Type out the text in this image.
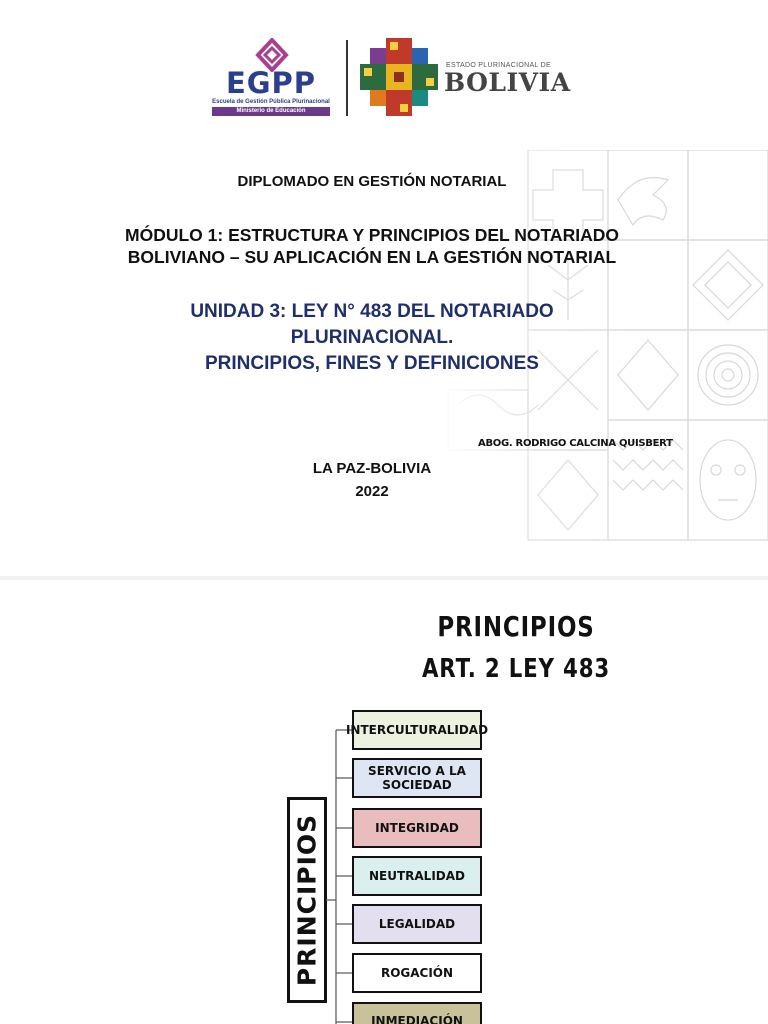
EGPP
Escuela de Gestión Pública Plurinacional
Ministerio de Educación
ESTADO PLURINACIONAL DE
BOLIVIA
DIPLOMADO EN GESTIÓN NOTARIAL
MÓDULO 1: ESTRUCTURA Y PRINCIPIOS DEL NOTARIADO
BOLIVIANO – SU APLICACIÓN EN LA GESTIÓN NOTARIAL
UNIDAD 3: LEY N° 483 DEL NOTARIADO
PLURINACIONAL.
PRINCIPIOS, FINES Y DEFINICIONES
ABOG. RODRIGO CALCINA QUISBERT
LA PAZ-BOLIVIA
2022
PRINCIPIOS
ART. 2 LEY 483
PRINCIPIOS
INTERCULTURALIDAD
SERVICIO A LA SOCIEDAD
INTEGRIDAD
NEUTRALIDAD
LEGALIDAD
ROGACIÓN
INMEDIACIÓN
